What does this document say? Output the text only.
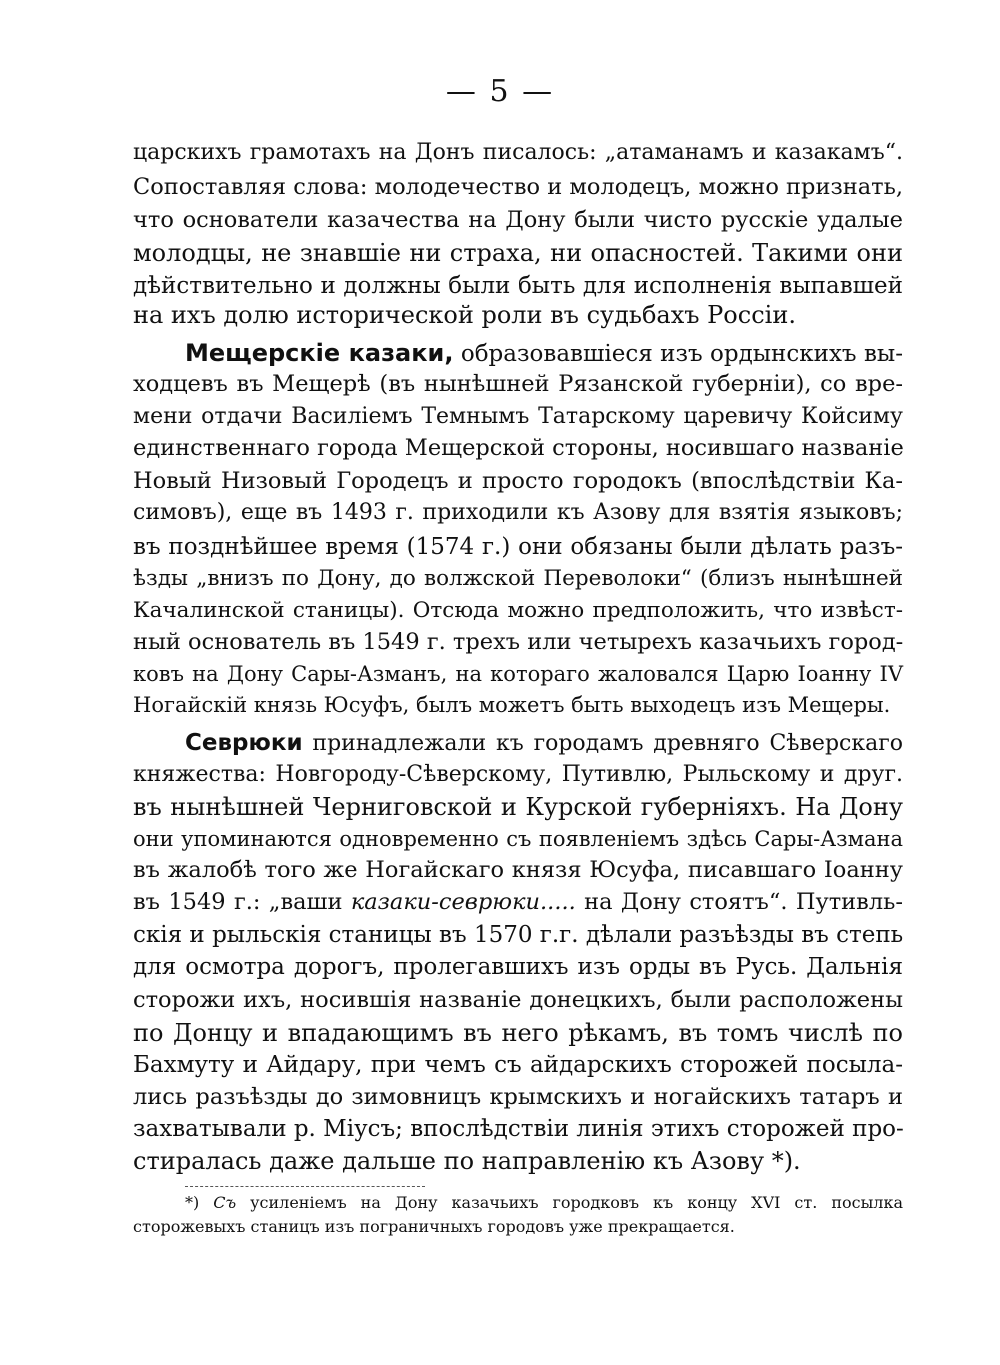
— 5 —
царскихъ грамотахъ на Донъ писалось: „атаманамъ и казакамъ“.
Сопоставляя слова: молодечество и молодецъ, можно признать,
что основатели казачества на Дону были чисто русскіе удалые
молодцы, не знавшіе ни страха, ни опасностей. Такими они
дѣйствительно и должны были быть для исполненія выпавшей
на ихъ долю исторической роли въ судьбахъ Россіи.
Мещерскіе казаки, образовавшіеся изъ ордынскихъ вы-
ходцевъ въ Мещерѣ (въ нынѣшней Рязанской губерніи), со вре-
мени отдачи Василіемъ Темнымъ Татарскому царевичу Койсиму
единственнаго города Мещерской стороны, носившаго названіе
Новый Низовый Городецъ и просто городокъ (впослѣдствіи Ка-
симовъ), еще въ 1493 г. приходили къ Азову для взятія языковъ;
въ позднѣйшее время (1574 г.) они обязаны были дѣлать разъ-
ѣзды „внизъ по Дону, до волжской Переволоки“ (близъ нынѣшней
Качалинской станицы). Отсюда можно предположить, что извѣст-
ный основатель въ 1549 г. трехъ или четырехъ казачьихъ город-
ковъ на Дону Сары-Азманъ, на котораго жаловался Царю Іоанну IV
Ногайскій князь Юсуфъ, былъ можетъ быть выходецъ изъ Мещеры.
Севрюки принадлежали къ городамъ древняго Сѣверскаго
княжества: Новгороду-Сѣверскому, Путивлю, Рыльскому и друг.
въ нынѣшней Черниговской и Курской губерніяхъ. На Дону
они упоминаются одновременно съ появленіемъ здѣсь Сары-Азмана
въ жалобѣ того же Ногайскаго князя Юсуфа, писавшаго Іоанну
въ 1549 г.: „ваши казаки-севрюки..... на Дону стоятъ“. Путивль-
скія и рыльскія станицы въ 1570 г.г. дѣлали разъѣзды въ степь
для осмотра дорогъ, пролегавшихъ изъ орды въ Русь. Дальнія
сторожи ихъ, носившія названіе донецкихъ, были расположены
по Донцу и впадающимъ въ него рѣкамъ, въ томъ числѣ по
Бахмуту и Айдару, при чемъ съ айдарскихъ сторожей посыла-
лись разъѣзды до зимовницъ крымскихъ и ногайскихъ татаръ и
захватывали р. Міусъ; впослѣдствіи линія этихъ сторожей про-
стиралась даже дальше по направленію къ Азову *).
*) Съ усиленіемъ на Дону казачьихъ городковъ къ концу XVI ст. посылка
сторожевыхъ станицъ изъ пограничныхъ городовъ уже прекращается.
